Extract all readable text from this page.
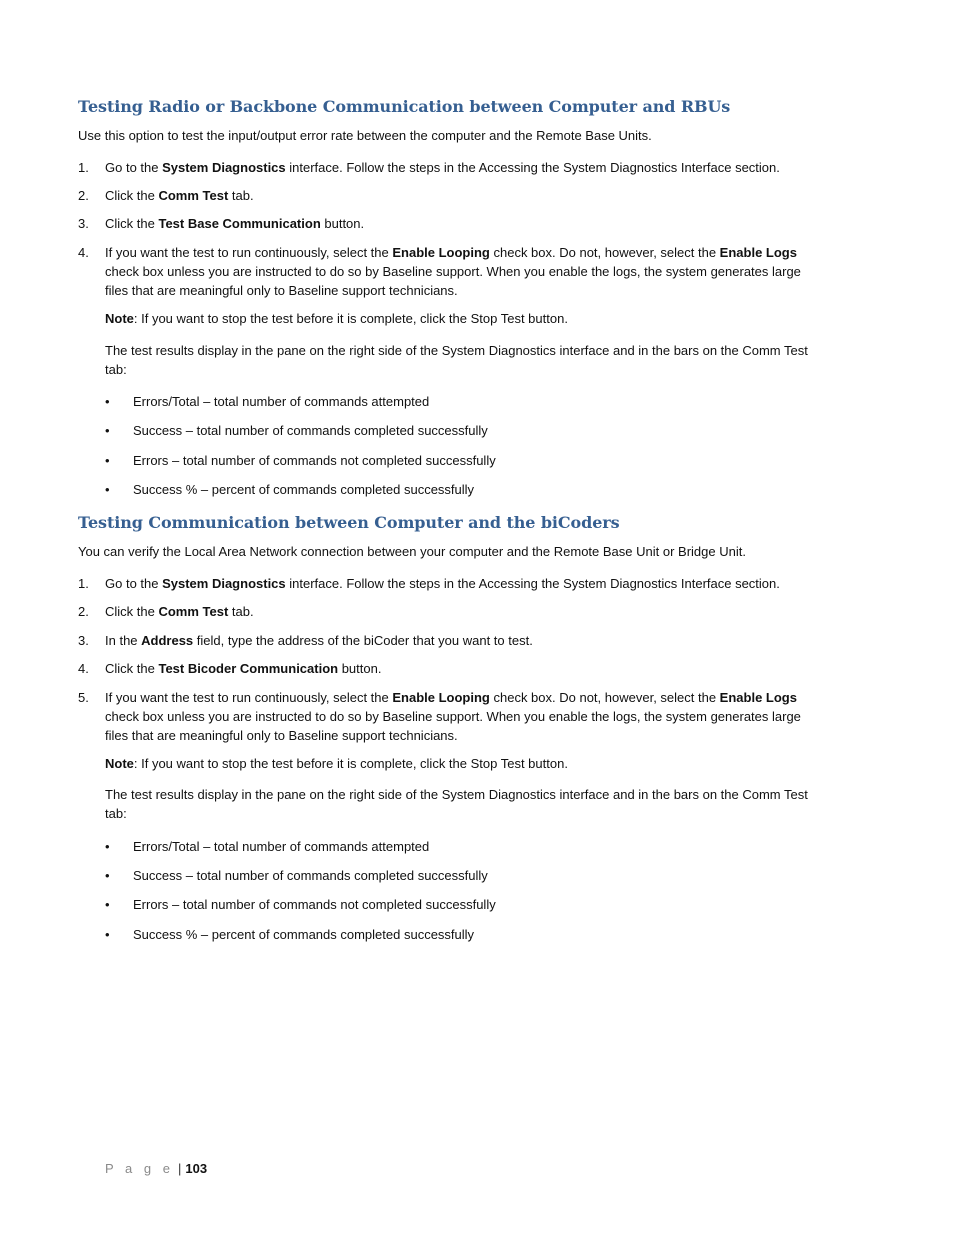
Testing Radio or Backbone Communication between Computer and RBUs

Use this option to test the input/output error rate between the computer and the Remote Base Units.

1. Go to the System Diagnostics interface. Follow the steps in the Accessing the System Diagnostics Interface section.
2. Click the Comm Test tab.
3. Click the Test Base Communication button.
4. If you want the test to run continuously, select the Enable Looping check box. Do not, however, select the Enable Logs
check box unless you are instructed to do so by Baseline support. When you enable the logs, the system generates large
files that are meaningful only to Baseline support technicians.
Note: If you want to stop the test before it is complete, click the Stop Test button.
The test results display in the pane on the right side of the System Diagnostics interface and in the bars on the Comm Test
tab:
• Errors/Total – total number of commands attempted
• Success – total number of commands completed successfully
• Errors – total number of commands not completed successfully
• Success % – percent of commands completed successfully
Testing Communication between Computer and the biCoders

You can verify the Local Area Network connection between your computer and the Remote Base Unit or Bridge Unit.

1. Go to the System Diagnostics interface. Follow the steps in the Accessing the System Diagnostics Interface section.
2. Click the Comm Test tab.
3. In the Address field, type the address of the biCoder that you want to test.
4. Click the Test Bicoder Communication button.
5. If you want the test to run continuously, select the Enable Looping check box. Do not, however, select the Enable Logs
check box unless you are instructed to do so by Baseline support. When you enable the logs, the system generates large
files that are meaningful only to Baseline support technicians.
Note: If you want to stop the test before it is complete, click the Stop Test button.
The test results display in the pane on the right side of the System Diagnostics interface and in the bars on the Comm Test
tab:
• Errors/Total – total number of commands attempted
• Success – total number of commands completed successfully
• Errors – total number of commands not completed successfully
• Success % – percent of commands completed successfully
P a g e | 103
